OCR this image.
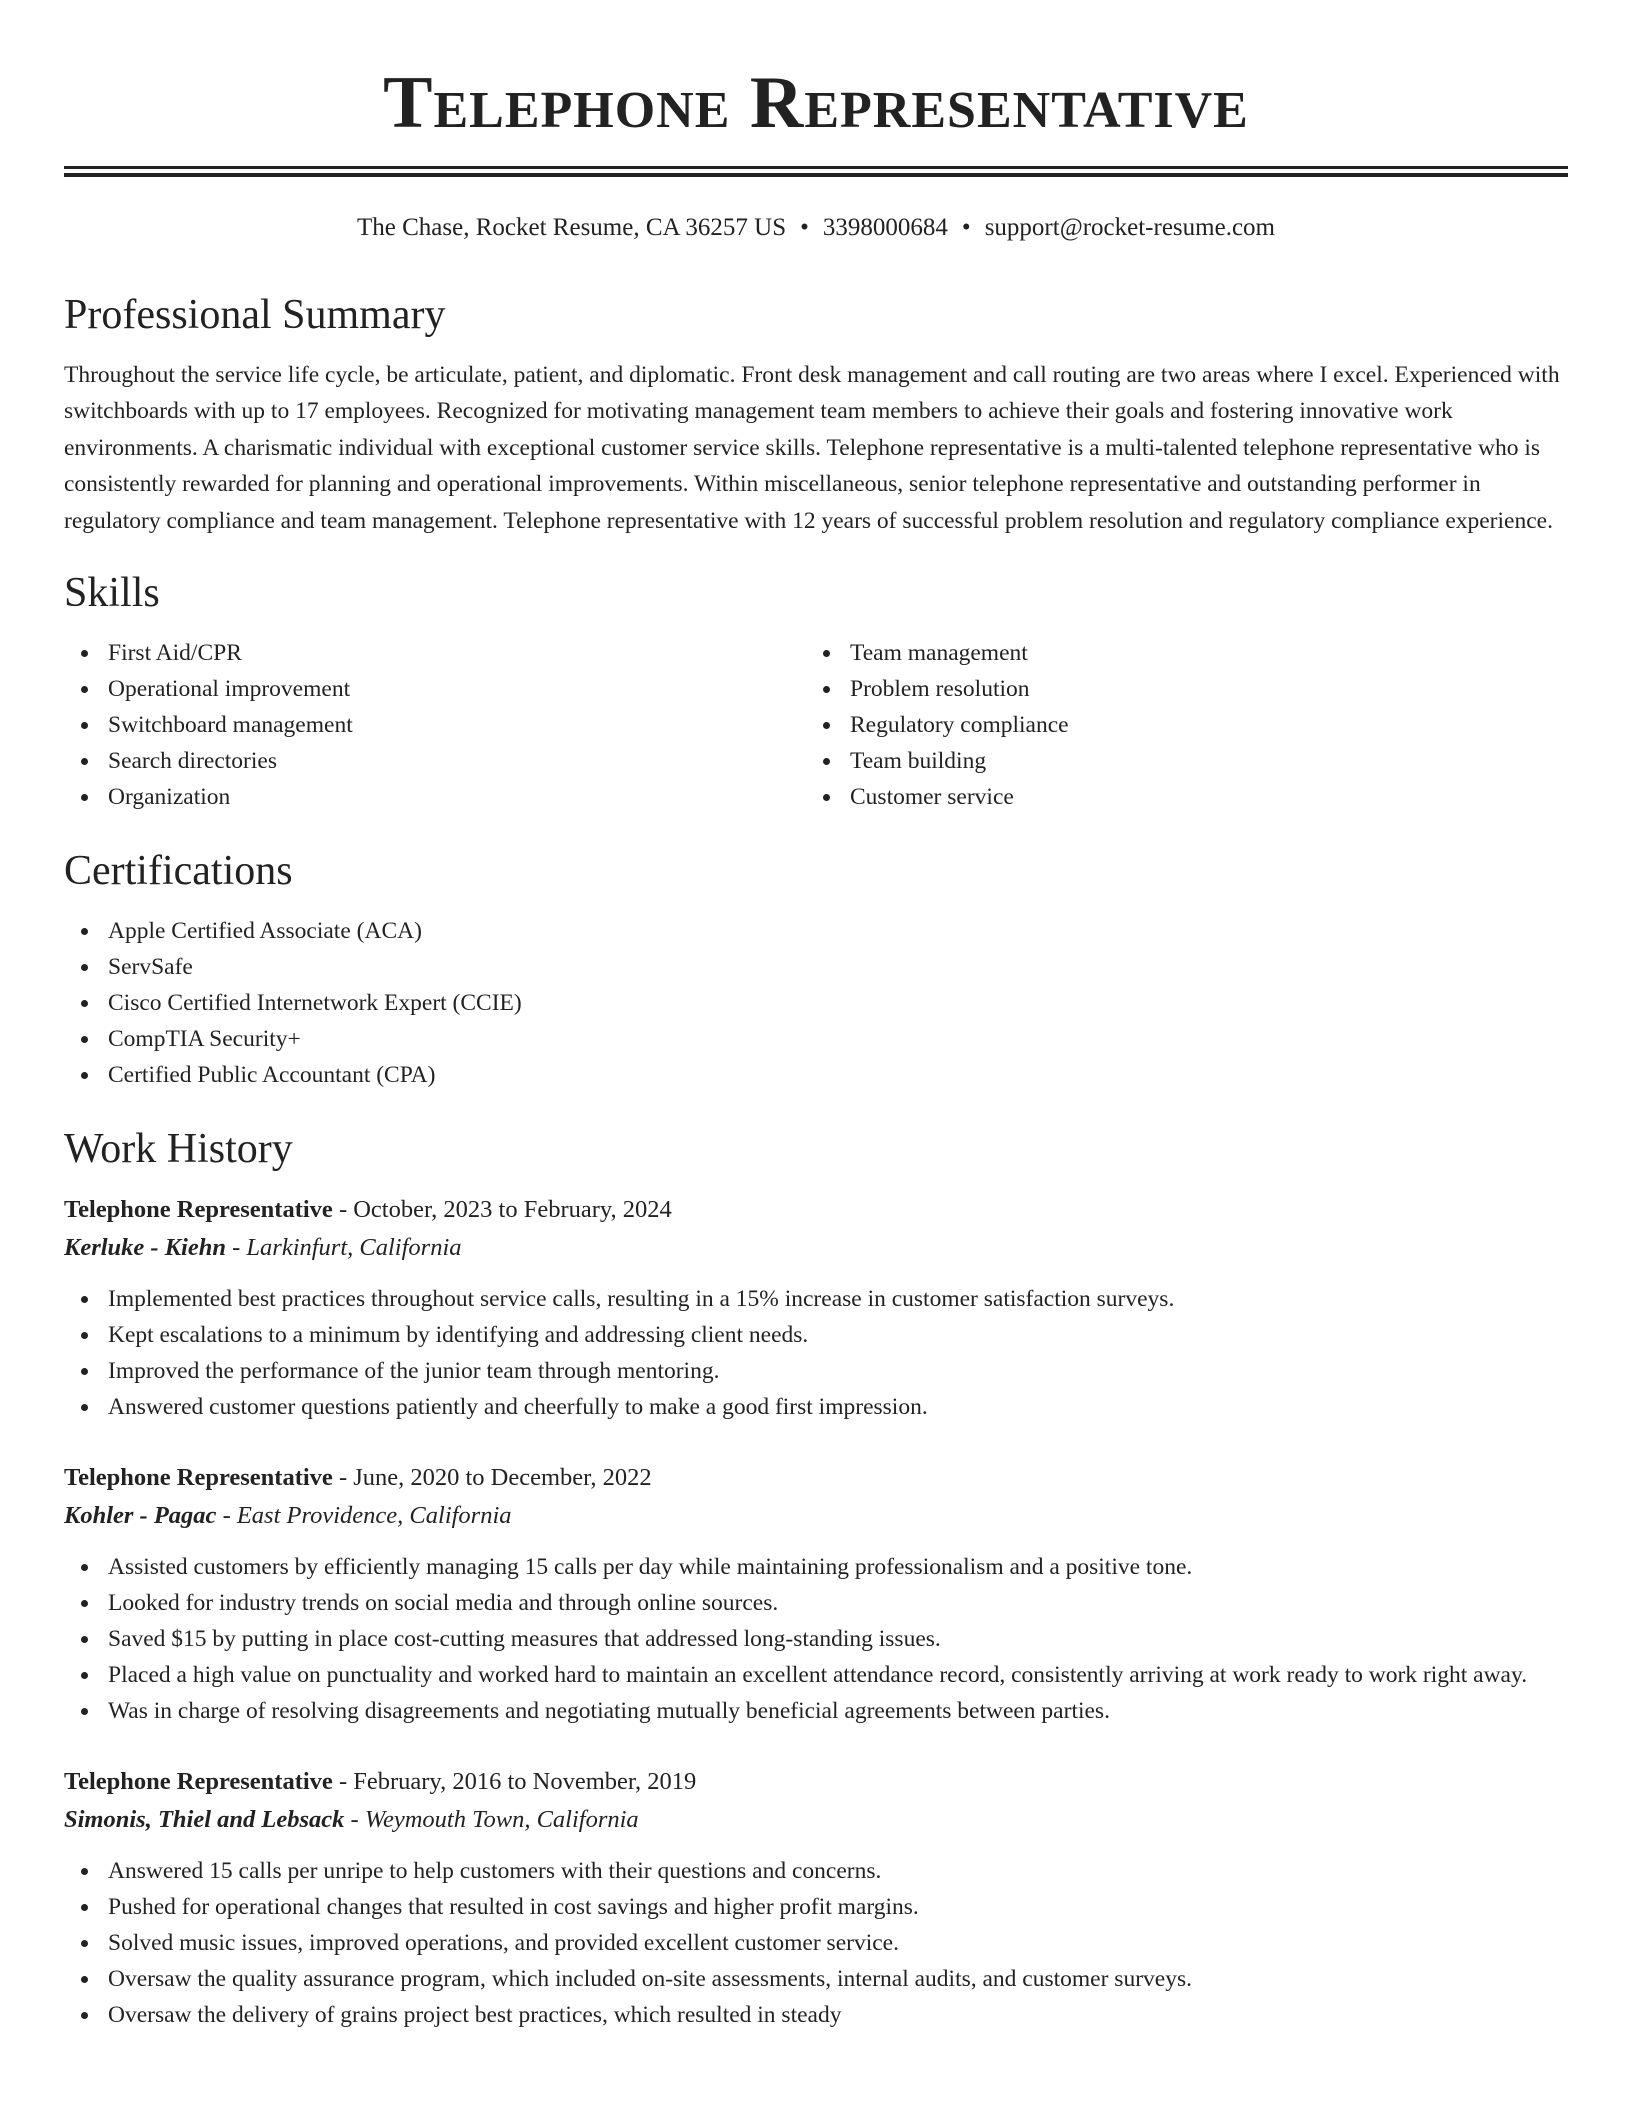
Telephone Representative
The Chase, Rocket Resume, CA 36257 US • 3398000684 • support@rocket-resume.com
Professional Summary

Throughout the service life cycle, be articulate, patient, and diplomatic. Front desk management and call routing are two areas where I excel. Experienced with switchboards with up to 17 employees. Recognized for motivating management team members to achieve their goals and fostering innovative work environments. A charismatic individual with exceptional customer service skills. Telephone representative is a multi-talented telephone representative who is consistently rewarded for planning and operational improvements. Within miscellaneous, senior telephone representative and outstanding performer in regulatory compliance and team management. Telephone representative with 12 years of successful problem resolution and regulatory compliance experience.

Skills
First Aid/CPR
Operational improvement
Switchboard management
Search directories
Organization
Team management
Problem resolution
Regulatory compliance
Team building
Customer service
Certifications
Apple Certified Associate (ACA)
ServSafe
Cisco Certified Internetwork Expert (CCIE)
CompTIA Security+
Certified Public Accountant (CPA)
Work History
Telephone Representative - October, 2023 to February, 2024
Kerluke - Kiehn - Larkinfurt, California
Implemented best practices throughout service calls, resulting in a 15% increase in customer satisfaction surveys.
Kept escalations to a minimum by identifying and addressing client needs.
Improved the performance of the junior team through mentoring.
Answered customer questions patiently and cheerfully to make a good first impression.
Telephone Representative - June, 2020 to December, 2022
Kohler - Pagac - East Providence, California
Assisted customers by efficiently managing 15 calls per day while maintaining professionalism and a positive tone.
Looked for industry trends on social media and through online sources.
Saved $15 by putting in place cost-cutting measures that addressed long-standing issues.
Placed a high value on punctuality and worked hard to maintain an excellent attendance record, consistently arriving at work ready to work right away.
Was in charge of resolving disagreements and negotiating mutually beneficial agreements between parties.
Telephone Representative - February, 2016 to November, 2019
Simonis, Thiel and Lebsack - Weymouth Town, California
Answered 15 calls per unripe to help customers with their questions and concerns.
Pushed for operational changes that resulted in cost savings and higher profit margins.
Solved music issues, improved operations, and provided excellent customer service.
Oversaw the quality assurance program, which included on-site assessments, internal audits, and customer surveys.
Oversaw the delivery of grains project best practices, which resulted in steady
